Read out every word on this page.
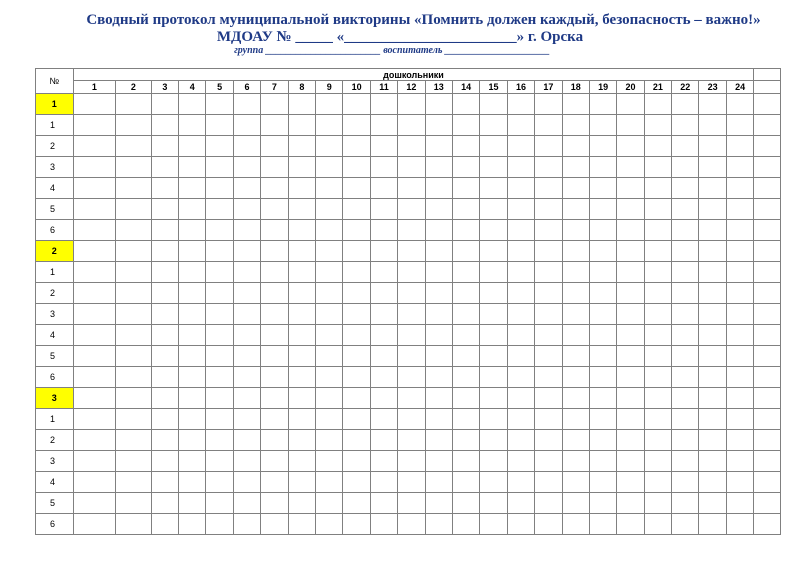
Сводный протокол муниципальной викторины «Помнить должен каждый, безопасность – важно!»
МДОАУ № _____ «_______________________» г. Орска
группа _______________________ воспитатель _____________________
№	дошкольники																								
	1	2	3	4	5	6	7	8	9	10	11	12	13	14	15	16	17	18	19	20	21	22	23	24	
1																									
1																									
2																									
3																									
4																									
5																									
6																									
2																									
1																									
2																									
3																									
4																									
5																									
6																									
3																									
1																									
2																									
3																									
4																									
5																									
6																									
